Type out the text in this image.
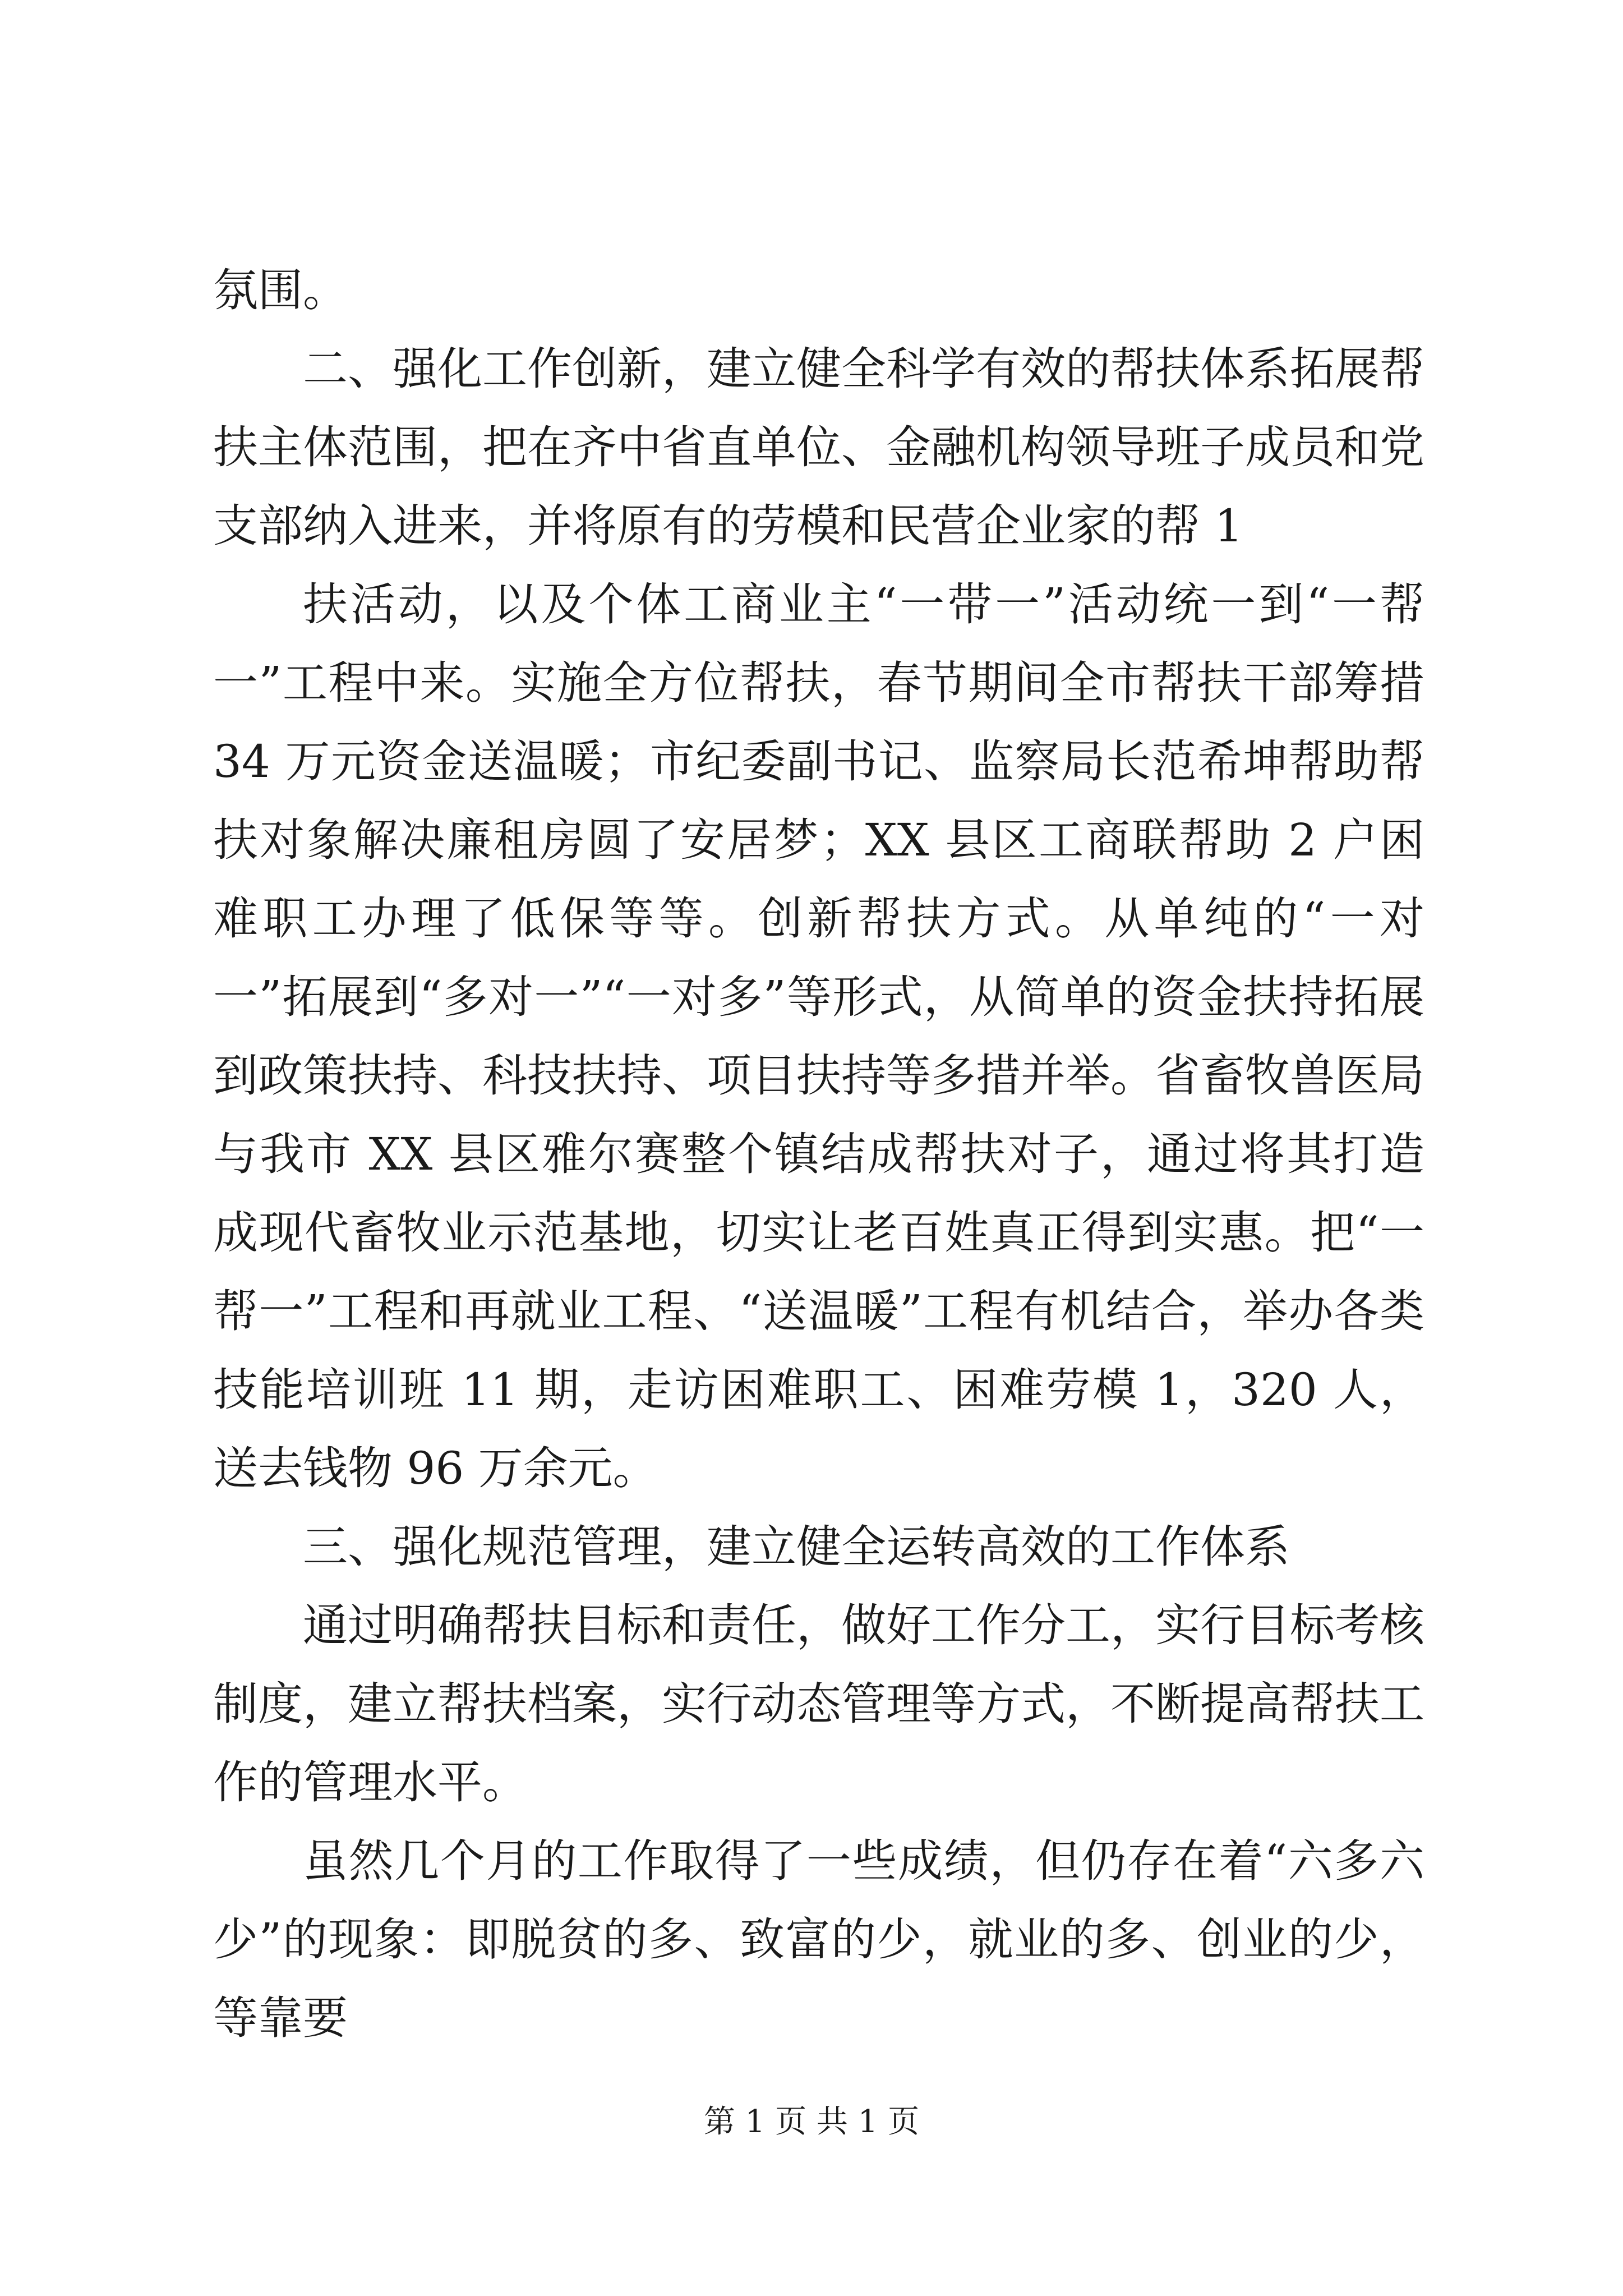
氛围。

二、强化工作创新，建立健全科学有效的帮扶体系拓展帮扶主体范围，把在齐中省直单位、金融机构领导班子成员和党支部纳入进来，并将原有的劳模和民营企业家的帮 1

扶活动，以及个体工商业主“一带一”活动统一到“一帮一”工程中来。实施全方位帮扶，春节期间全市帮扶干部筹措 34 万元资金送温暖；市纪委副书记、监察局长范希坤帮助帮扶对象解决廉租房圆了安居梦；XX 县区工商联帮助 2 户困难职工办理了低保等等。创新帮扶方式。从单纯的“一对一”拓展到“多对一”“一对多”等形式，从简单的资金扶持拓展到政策扶持、科技扶持、项目扶持等多措并举。省畜牧兽医局与我市 XX 县区雅尔赛整个镇结成帮扶对子，通过将其打造成现代畜牧业示范基地，切实让老百姓真正得到实惠。把“一帮一”工程和再就业工程、“送温暖”工程有机结合，举办各类技能培训班 11 期，走访困难职工、困难劳模 1，320 人，送去钱物 96 万余元。

三、强化规范管理，建立健全运转高效的工作体系

通过明确帮扶目标和责任，做好工作分工，实行目标考核制度，建立帮扶档案，实行动态管理等方式，不断提高帮扶工作的管理水平。

虽然几个月的工作取得了一些成绩，但仍存在着“六多六少”的现象：即脱贫的多、致富的少，就业的多、创业的少，等靠要

第 1 页 共 1 页
